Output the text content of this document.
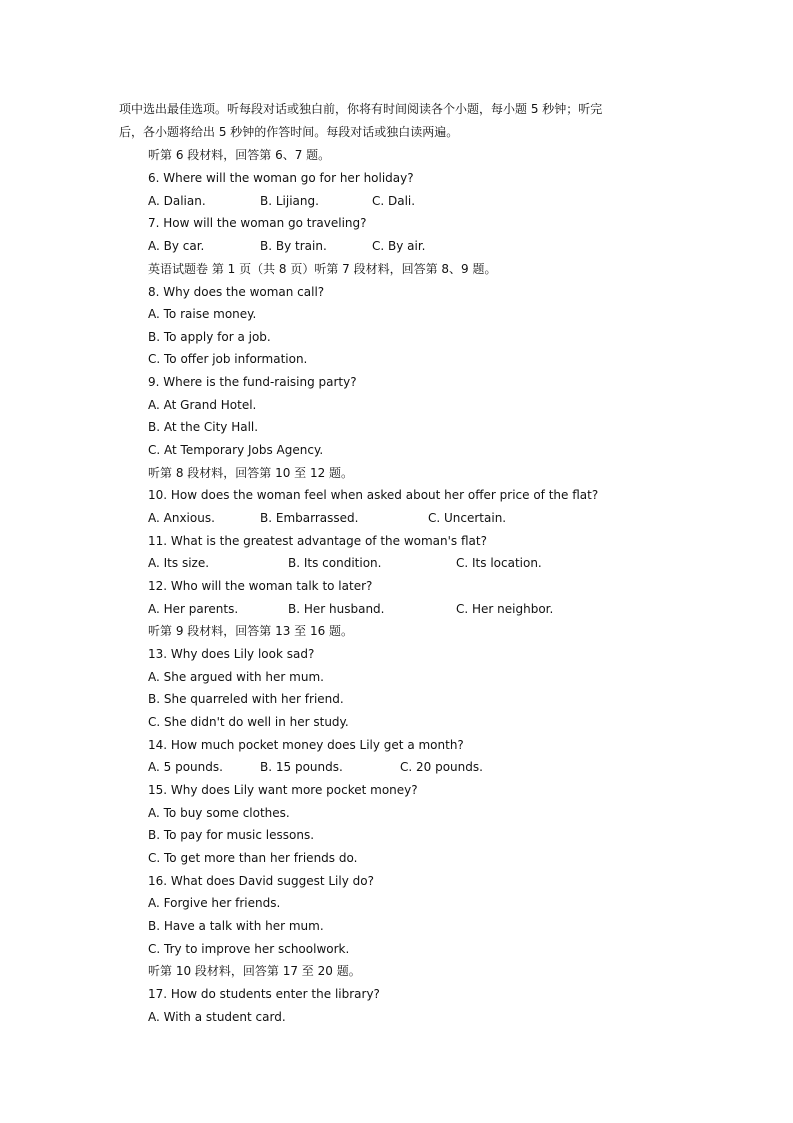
项中选出最佳选项。听每段对话或独白前，你将有时间阅读各个小题，每小题 5 秒钟；听完
后，各小题将给出 5 秒钟的作答时间。每段对话或独白读两遍。
听第 6 段材料，回答第 6、7 题。
6. Where will the woman go for her holiday?
A. Dalian.	B. Lijiang.	C. Dali.
7. How will the woman go traveling?
A. By car.	B. By train.	C. By air.
英语试题卷 第 1 页（共 8 页）听第 7 段材料，回答第 8、9 题。
8. Why does the woman call?
A. To raise money.
B. To apply for a job.
C. To offer job information.
9. Where is the fund-raising party?
A. At Grand Hotel.
B. At the City Hall.
C. At Temporary Jobs Agency.
听第 8 段材料，回答第 10 至 12 题。
10. How does the woman feel when asked about her offer price of the flat?
A. Anxious.	B. Embarrassed.	C. Uncertain.
11. What is the greatest advantage of the woman's flat?
A. Its size.	B. Its condition.	C. Its location.
12. Who will the woman talk to later?
A. Her parents.	B. Her husband.	C. Her neighbor.
听第 9 段材料，回答第 13 至 16 题。
13. Why does Lily look sad?
A. She argued with her mum.
B. She quarreled with her friend.
C. She didn't do well in her study.
14. How much pocket money does Lily get a month?
A. 5 pounds.	B. 15 pounds.	C. 20 pounds.
15. Why does Lily want more pocket money?
A. To buy some clothes.
B. To pay for music lessons.
C. To get more than her friends do.
16. What does David suggest Lily do?
A. Forgive her friends.
B. Have a talk with her mum.
C. Try to improve her schoolwork.
听第 10 段材料，回答第 17 至 20 题。
17. How do students enter the library?
A. With a student card.
